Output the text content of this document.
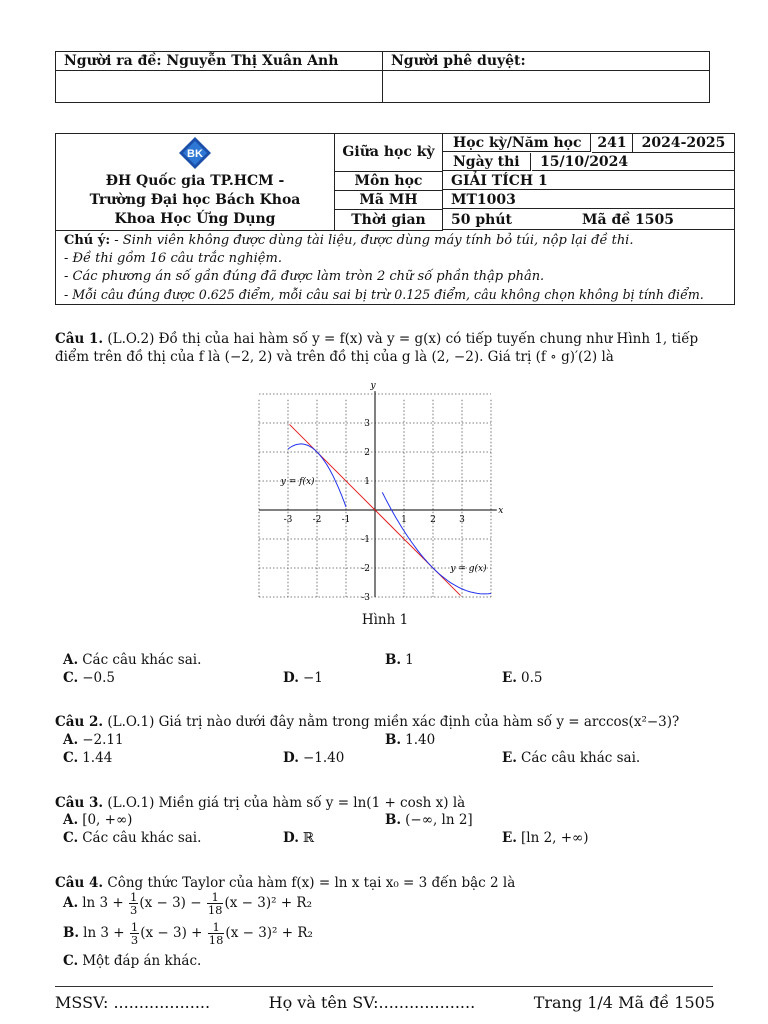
Người ra đề: Nguyễn Thị Xuân Anh	Người phê duyệt:

BK
ĐH Quốc gia TP.HCM -
Trường Đại học Bách Khoa
Khoa Học Ứng Dụng
Giữa học kỳ
Học kỳ/Năm học	241	2024-2025
Ngày thi	15/10/2024
Môn học	GIẢI TÍCH 1
Mã MH	MT1003
Thời gian	50 phút	Mã đề 1505
Chú ý: - Sinh viên không được dùng tài liệu, được dùng máy tính bỏ túi, nộp lại đề thi.
- Đề thi gồm 16 câu trắc nghiệm.
- Các phương án số gần đúng đã được làm tròn 2 chữ số phần thập phân.
- Mỗi câu đúng được 0.625 điểm, mỗi câu sai bị trừ 0.125 điểm, câu không chọn không bị tính điểm.
Câu 1. (L.O.2) Đồ thị của hai hàm số y = f(x) và y = g(x) có tiếp tuyến chung như Hình 1, tiếp
điểm trên đồ thị của f là (−2, 2) và trên đồ thị của g là (2, −2). Giá trị (f ∘ g)′(2) là
-3 -2 -1	1	2	3
3
2
1
-1
-2
-3
x
y
y = f(x)
y = g(x)
Hình 1
A. Các câu khác sai.	B. 1
C. −0.5	D. −1	E. 0.5
Câu 2. (L.O.1) Giá trị nào dưới đây nằm trong miền xác định của hàm số y = arccos(x²−3)?
A. −2.11	B. 1.40
C. 1.44	D. −1.40	E. Các câu khác sai.
Câu 3. (L.O.1) Miền giá trị của hàm số y = ln(1 + cosh x) là
A. [0, +∞)	B. (−∞, ln 2]
C. Các câu khác sai.	D. ℝ	E. [ln 2, +∞)
Câu 4. Công thức Taylor của hàm f(x) = ln x tại x₀ = 3 đến bậc 2 là
A. $\ln 3 + \frac{1}{3} (x - 3) - \frac{1}{18} (x - 3)^2 + R_2$
B. $\ln 3 + \frac{1}{3} (x - 3) + \frac{1}{18} (x - 3)^2 + R_2$
C. Một đáp án khác.
MSSV: ...................	Họ và tên SV:...................	Trang 1/4 Mã đề 1505
